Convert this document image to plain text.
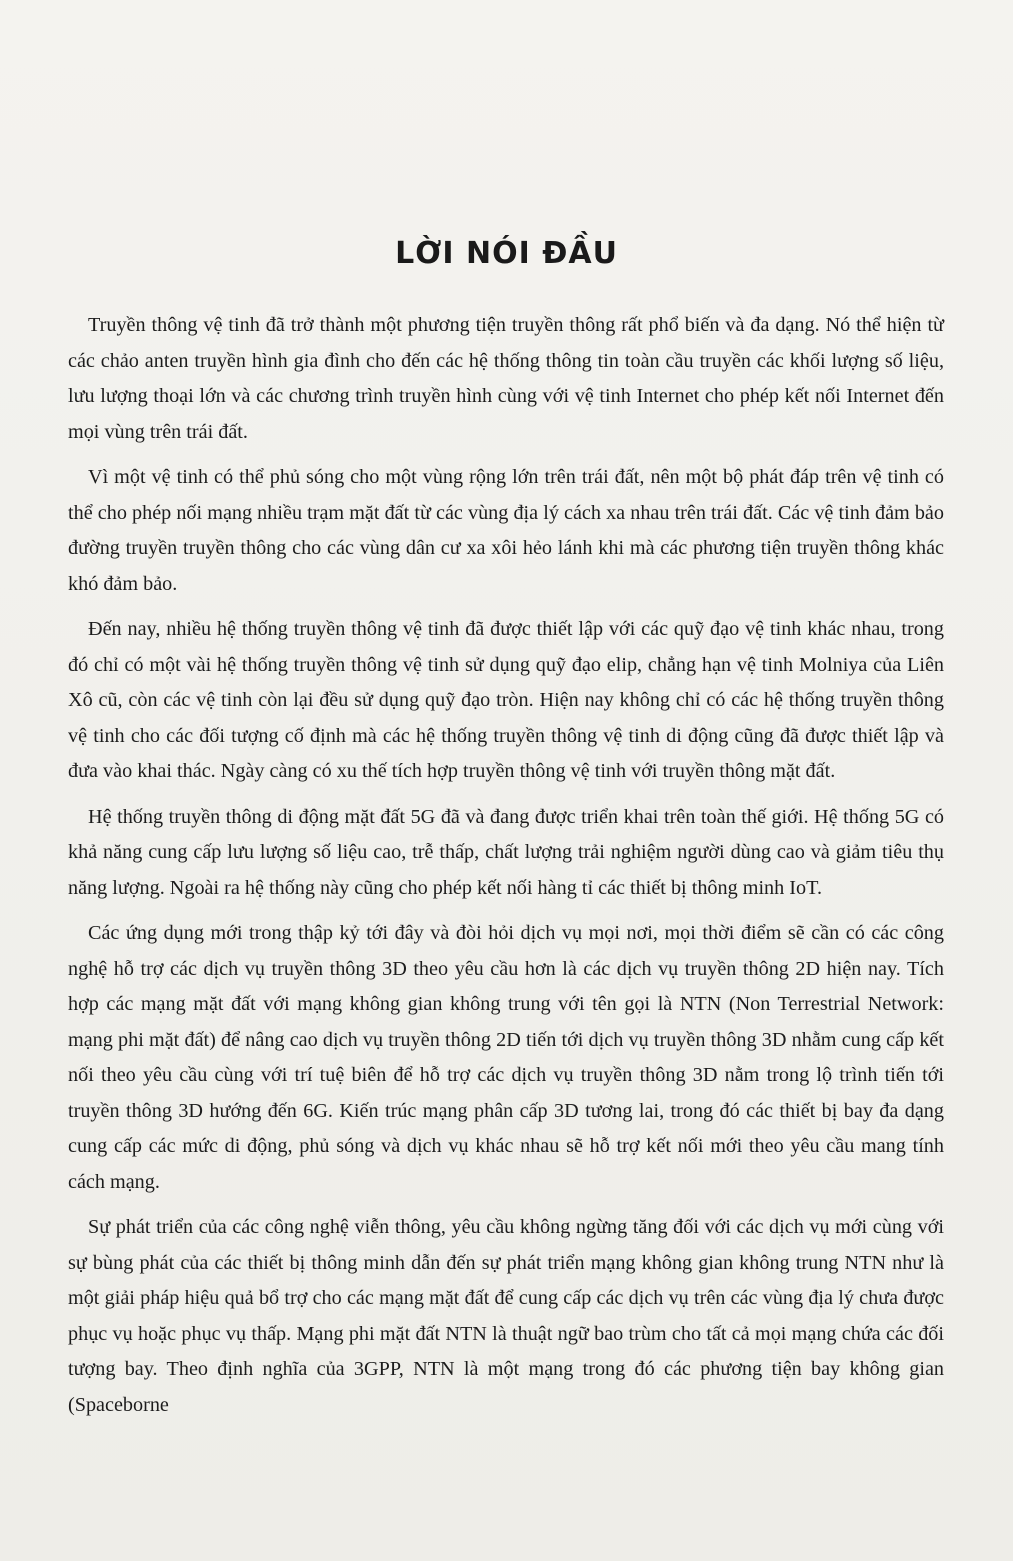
LỜI NÓI ĐẦU

Truyền thông vệ tinh đã trở thành một phương tiện truyền thông rất phổ biến và đa dạng. Nó thể hiện từ các chảo anten truyền hình gia đình cho đến các hệ thống thông tin toàn cầu truyền các khối lượng số liệu, lưu lượng thoại lớn và các chương trình truyền hình cùng với vệ tinh Internet cho phép kết nối Internet đến mọi vùng trên trái đất.

Vì một vệ tinh có thể phủ sóng cho một vùng rộng lớn trên trái đất, nên một bộ phát đáp trên vệ tinh có thể cho phép nối mạng nhiều trạm mặt đất từ các vùng địa lý cách xa nhau trên trái đất. Các vệ tinh đảm bảo đường truyền truyền thông cho các vùng dân cư xa xôi hẻo lánh khi mà các phương tiện truyền thông khác khó đảm bảo.

Đến nay, nhiều hệ thống truyền thông vệ tinh đã được thiết lập với các quỹ đạo vệ tinh khác nhau, trong đó chỉ có một vài hệ thống truyền thông vệ tinh sử dụng quỹ đạo elip, chẳng hạn vệ tinh Molniya của Liên Xô cũ, còn các vệ tinh còn lại đều sử dụng quỹ đạo tròn. Hiện nay không chỉ có các hệ thống truyền thông vệ tinh cho các đối tượng cố định mà các hệ thống truyền thông vệ tinh di động cũng đã được thiết lập và đưa vào khai thác. Ngày càng có xu thế tích hợp truyền thông vệ tinh với truyền thông mặt đất.

Hệ thống truyền thông di động mặt đất 5G đã và đang được triển khai trên toàn thế giới. Hệ thống 5G có khả năng cung cấp lưu lượng số liệu cao, trễ thấp, chất lượng trải nghiệm người dùng cao và giảm tiêu thụ năng lượng. Ngoài ra hệ thống này cũng cho phép kết nối hàng tỉ các thiết bị thông minh IoT.

Các ứng dụng mới trong thập kỷ tới đây và đòi hỏi dịch vụ mọi nơi, mọi thời điểm sẽ cần có các công nghệ hỗ trợ các dịch vụ truyền thông 3D theo yêu cầu hơn là các dịch vụ truyền thông 2D hiện nay. Tích hợp các mạng mặt đất với mạng không gian không trung với tên gọi là NTN (Non Terrestrial Network: mạng phi mặt đất) để nâng cao dịch vụ truyền thông 2D tiến tới dịch vụ truyền thông 3D nhằm cung cấp kết nối theo yêu cầu cùng với trí tuệ biên để hỗ trợ các dịch vụ truyền thông 3D nằm trong lộ trình tiến tới truyền thông 3D hướng đến 6G. Kiến trúc mạng phân cấp 3D tương lai, trong đó các thiết bị bay đa dạng cung cấp các mức di động, phủ sóng và dịch vụ khác nhau sẽ hỗ trợ kết nối mới theo yêu cầu mang tính cách mạng.

Sự phát triển của các công nghệ viễn thông, yêu cầu không ngừng tăng đối với các dịch vụ mới cùng với sự bùng phát của các thiết bị thông minh dẫn đến sự phát triển mạng không gian không trung NTN như là một giải pháp hiệu quả bổ trợ cho các mạng mặt đất để cung cấp các dịch vụ trên các vùng địa lý chưa được phục vụ hoặc phục vụ thấp. Mạng phi mặt đất NTN là thuật ngữ bao trùm cho tất cả mọi mạng chứa các đối tượng bay. Theo định nghĩa của 3GPP, NTN là một mạng trong đó các phương tiện bay không gian (Spaceborne
